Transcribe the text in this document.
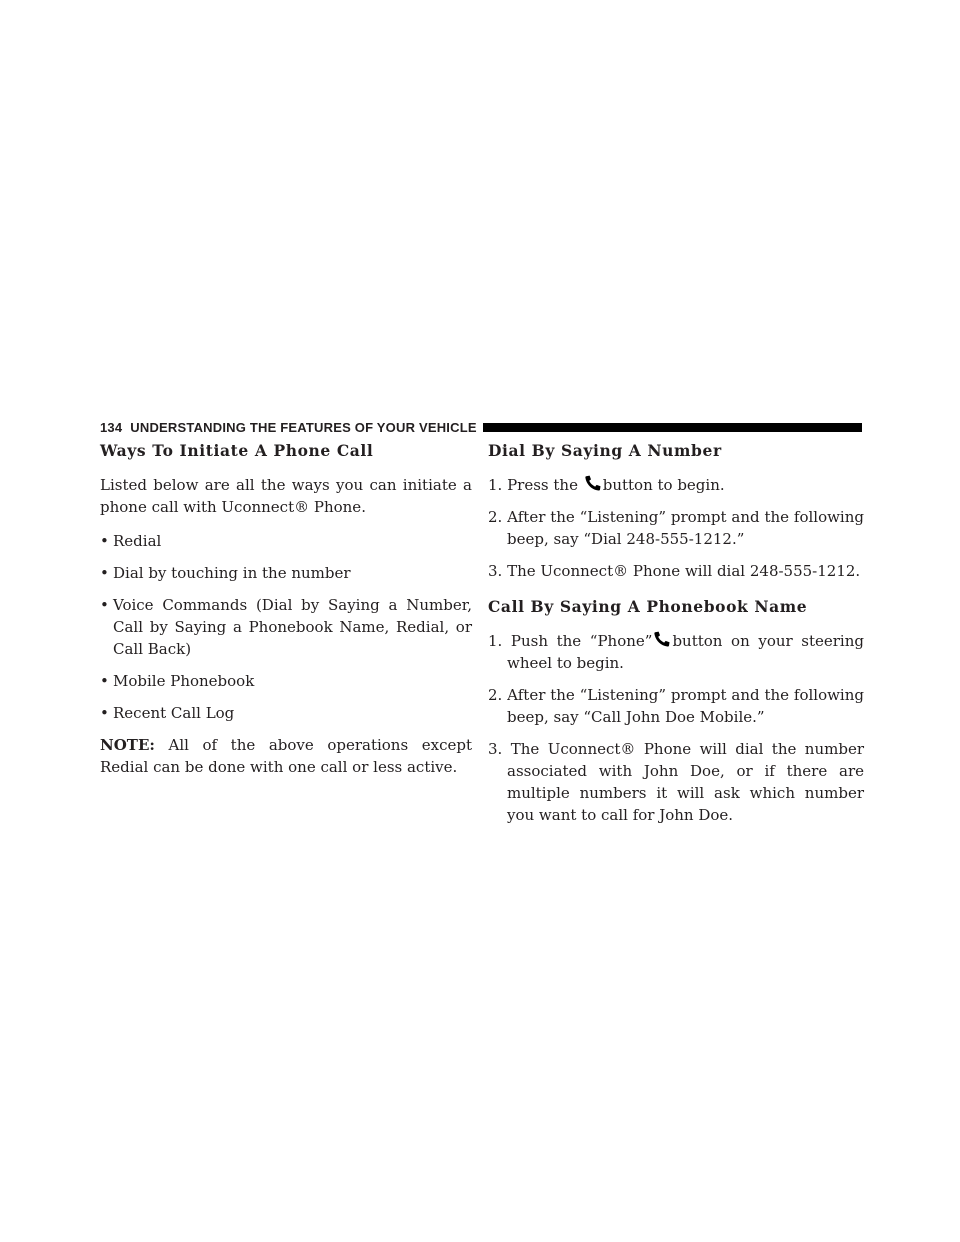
134 UNDERSTANDING THE FEATURES OF YOUR VEHICLE
Ways To Initiate A Phone Call

Listed below are all the ways you can initiate a phone call with Uconnect® Phone.

• Redial
• Dial by touching in the number
• Voice Commands (Dial by Saying a Number, Call by Saying a Phonebook Name, Redial, or Call Back)
• Mobile Phonebook
• Recent Call Log

NOTE: All of the above operations except Redial can be done with one call or less active.

Dial By Saying A Number

1. Press the button to begin.

2. After the “Listening” prompt and the following beep, say “Dial 248-555-1212.”

3. The Uconnect® Phone will dial 248-555-1212.

Call By Saying A Phonebook Name

1. Push the “Phone” button on your steering wheel to begin.

2. After the “Listening” prompt and the following beep, say “Call John Doe Mobile.”

3. The Uconnect® Phone will dial the number associated with John Doe, or if there are multiple numbers it will ask which number you want to call for John Doe.
